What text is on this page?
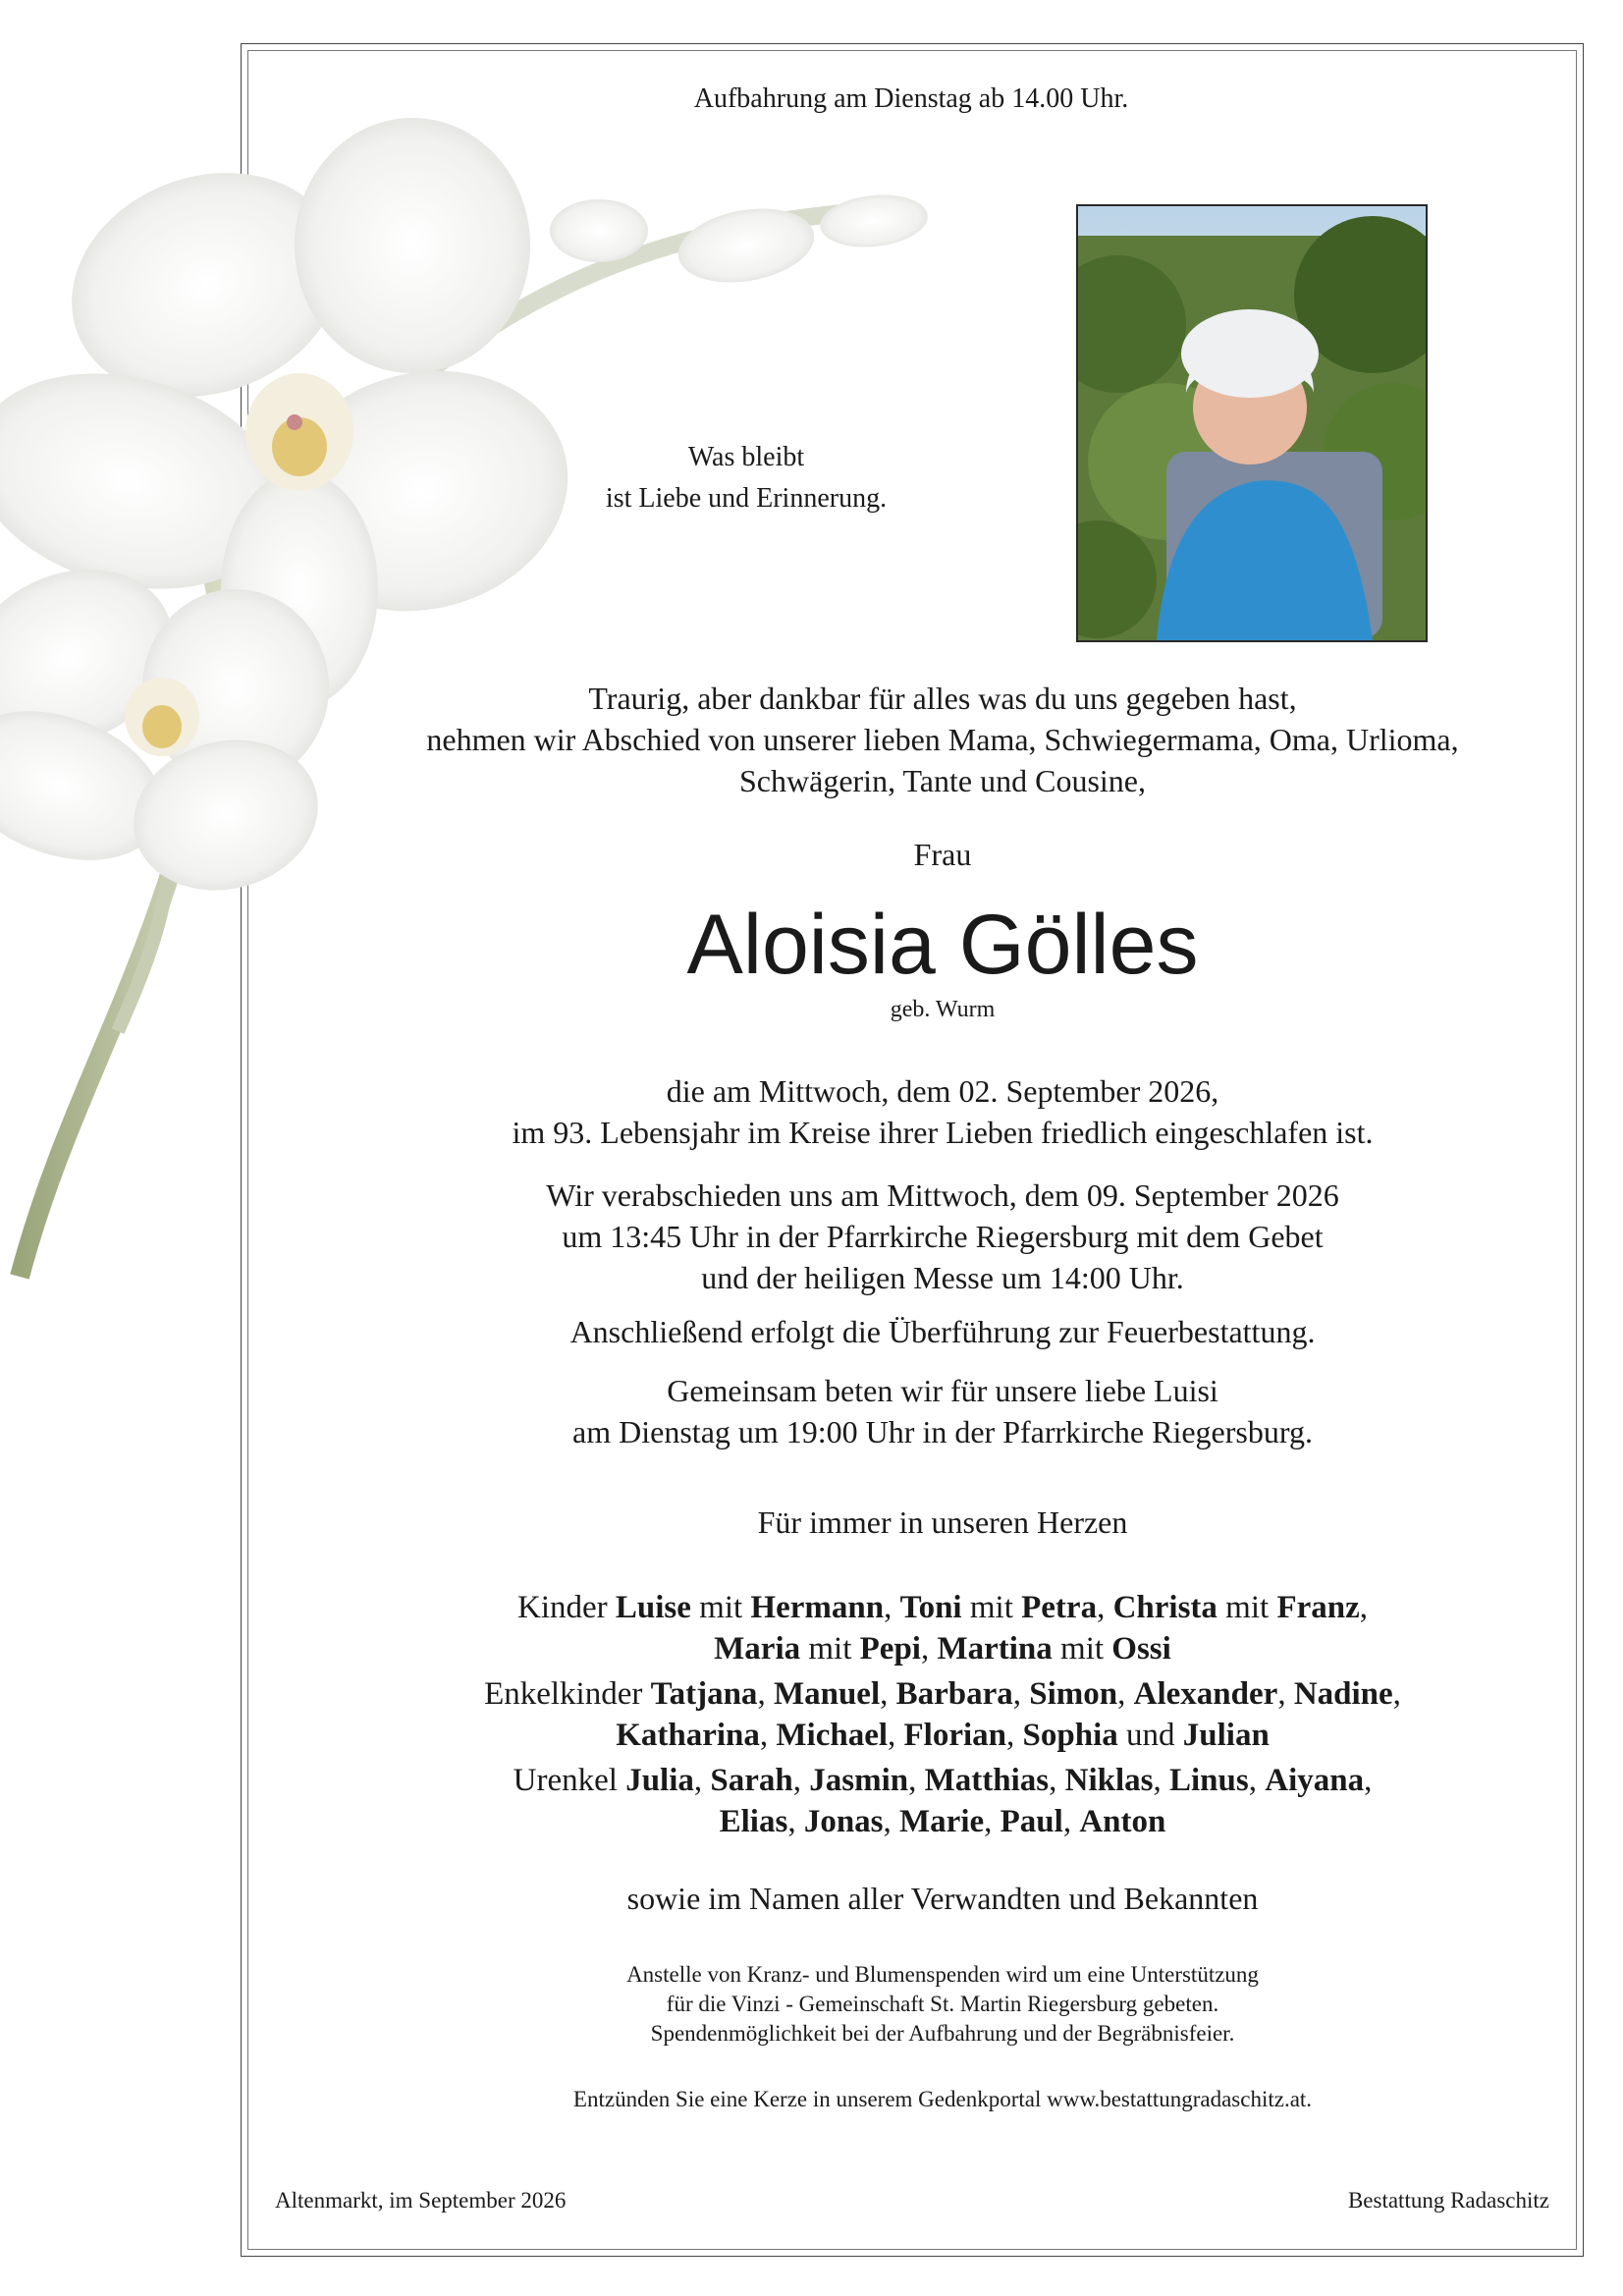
Aufbahrung am Dienstag ab 14.00 Uhr.
Was bleibt
ist Liebe und Erinnerung.
Traurig, aber dankbar für alles was du uns gegeben hast,
nehmen wir Abschied von unserer lieben Mama, Schwiegermama, Oma, Urlioma,
Schwägerin, Tante und Cousine,
Frau
Aloisia Gölles
geb. Wurm
die am Mittwoch, dem 02. September 2026,
im 93. Lebensjahr im Kreise ihrer Lieben friedlich eingeschlafen ist.
Wir verabschieden uns am Mittwoch, dem 09. September 2026
um 13:45 Uhr in der Pfarrkirche Riegersburg mit dem Gebet
und der heiligen Messe um 14:00 Uhr.
Anschließend erfolgt die Überführung zur Feuerbestattung.
Gemeinsam beten wir für unsere liebe Luisi
am Dienstag um 19:00 Uhr in der Pfarrkirche Riegersburg.
Für immer in unseren Herzen
Kinder Luise mit Hermann, Toni mit Petra, Christa mit Franz,
Maria mit Pepi, Martina mit Ossi
Enkelkinder Tatjana, Manuel, Barbara, Simon, Alexander, Nadine,
Katharina, Michael, Florian, Sophia und Julian
Urenkel Julia, Sarah, Jasmin, Matthias, Niklas, Linus, Aiyana,
Elias, Jonas, Marie, Paul, Anton
sowie im Namen aller Verwandten und Bekannten
Anstelle von Kranz- und Blumenspenden wird um eine Unterstützung
für die Vinzi - Gemeinschaft St. Martin Riegersburg gebeten.
Spendenmöglichkeit bei der Aufbahrung und der Begräbnisfeier.
Entzünden Sie eine Kerze in unserem Gedenkportal www.bestattungradaschitz.at.
Altenmarkt, im September 2026	Bestattung Radaschitz
